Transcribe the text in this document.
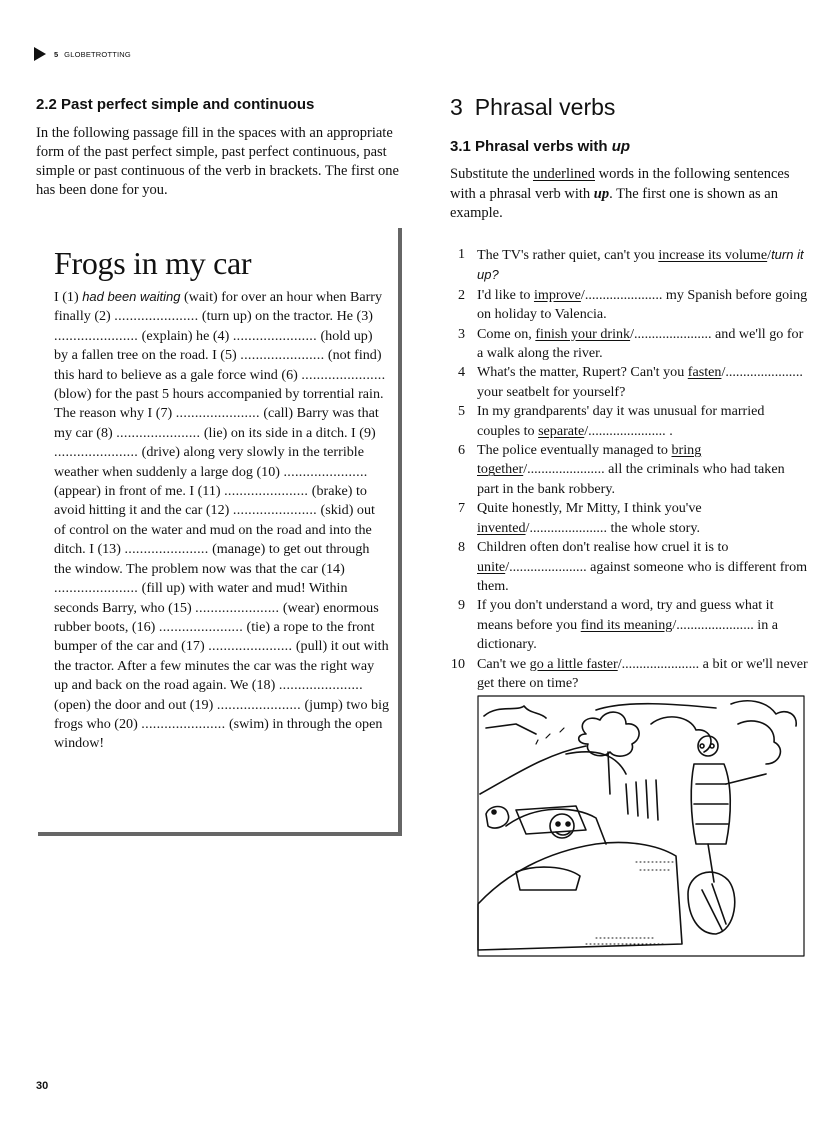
5 GLOBETROTTING
2.2 Past perfect simple and continuous
In the following passage fill in the spaces with an appropriate form of the past perfect simple, past perfect continuous, past simple or past continuous of the verb in brackets. The first one has been done for you.
Frogs in my car
I (1) had been waiting (wait) for over an hour when Barry finally (2) ...................... (turn up) on the tractor. He (3) ...................... (explain) he (4) ...................... (hold up) by a fallen tree on the road. I (5) ...................... (not find) this hard to believe as a gale force wind (6) ...................... (blow) for the past 5 hours accompanied by torrential rain. The reason why I (7) ...................... (call) Barry was that my car (8) ...................... (lie) on its side in a ditch. I (9) ...................... (drive) along very slowly in the terrible weather when suddenly a large dog (10) ...................... (appear) in front of me. I (11) ...................... (brake) to avoid hitting it and the car (12) ...................... (skid) out of control on the water and mud on the road and into the ditch. I (13) ...................... (manage) to get out through the window. The problem now was that the car (14) ...................... (fill up) with water and mud! Within seconds Barry, who (15) ...................... (wear) enormous rubber boots, (16) ...................... (tie) a rope to the front bumper of the car and (17) ...................... (pull) it out with the tractor. After a few minutes the car was the right way up and back on the road again. We (18) ...................... (open) the door and out (19) ...................... (jump) two big frogs who (20) ...................... (swim) in through the open window!
3 Phrasal verbs
3.1 Phrasal verbs with up
Substitute the underlined words in the following sentences with a phrasal verb with up. The first one is shown as an example.
1 The TV's rather quiet, can't you increase its volume/turn it up?
2 I'd like to improve/...................... my Spanish before going on holiday to Valencia.
3 Come on, finish your drink/...................... and we'll go for a walk along the river.
4 What's the matter, Rupert? Can't you fasten/...................... your seatbelt for yourself?
5 In my grandparents' day it was unusual for married couples to separate/...................... .
6 The police eventually managed to bring together/...................... all the criminals who had taken part in the bank robbery.
7 Quite honestly, Mr Mitty, I think you've invented/...................... the whole story.
8 Children often don't realise how cruel it is to unite/...................... against someone who is different from them.
9 If you don't understand a word, try and guess what it means before you find its meaning/...................... in a dictionary.
10 Can't we go a little faster/...................... a bit or we'll never get there on time?
30
